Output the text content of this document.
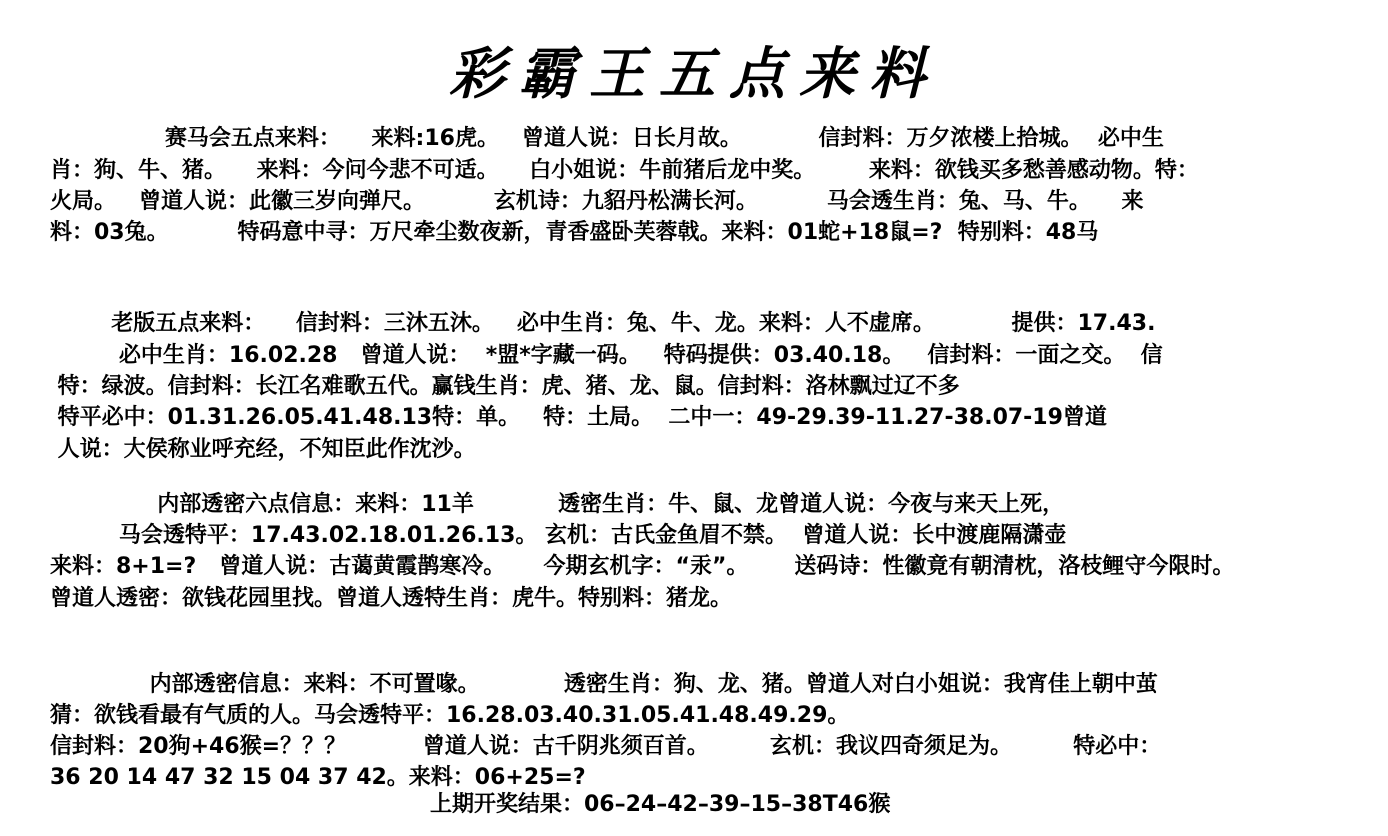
彩霸王五点来料
赛马会五点来料：    来料:16虎。   曾道人说：日长月故。          信封料：万夕浓楼上拾城。  必中生
肖：狗、牛、猪。    来料：今问今悲不可适。    白小姐说：牛前猪后龙中奖。       来料：欲钱买多愁善感动物。特：
火局。   曾道人说：此徽三岁向弹尺。         玄机诗：九貂丹松满长河。         马会透生肖：兔、马、牛。    来
料：03兔。         特码意中寻：万尺牵尘数夜新，青香盛卧芙蓉戟。来料：01蛇+18鼠=?  特别料：48马
老版五点来料：    信封料：三沐五沐。   必中生肖：兔、牛、龙。来料：人不虚席。          提供：17.43.
必中生肖：16.02.28   曾道人说：  *盟*字藏一码。   特码提供：03.40.18。   信封料：一面之交。  信
特：绿波。信封料：长江名难歌五代。赢钱生肖：虎、猪、龙、鼠。信封料：洛林飘过辽不多
特平必中：01.31.26.05.41.48.13特：单。   特：土局。  二中一：49-29.39-11.27-38.07-19曾道
人说：大侯称业呼充经，不知臣此作沈沙。
内部透密六点信息：来料：11羊           透密生肖：牛、鼠、龙曾道人说：今夜与来天上死，
马会透特平：17.43.02.18.01.26.13。 玄机：古氏金鱼眉不禁。  曾道人说：长中渡鹿隔潇壶
来料：8+1=?   曾道人说：古蔼黄霞鹊寒冷。     今期玄机字：“汞”。      送码诗：性徽竟有朝清枕，洛枝鲤守今限时。
曾道人透密：欲钱花园里找。曾道人透特生肖：虎牛。特别料：猪龙。
内部透密信息：来料：不可置喙。           透密生肖：狗、龙、猪。曾道人对白小姐说：我宵佳上朝中茧
猜：欲钱看最有气质的人。马会透特平：16.28.03.40.31.05.41.48.49.29。
信封料：20狗+46猴=？？？          曾道人说：古千阴兆须百首。        玄机：我议四奇须足为。        特必中：
36 20 14 47 32 15 04 37 42。来料：06+25=?
上期开奖结果：06–24–42–39–15–38T46猴
